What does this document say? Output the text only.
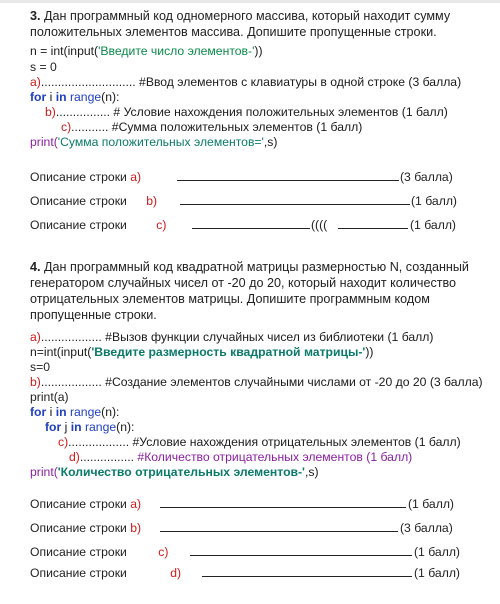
3. Дан программный код одномерного массива, который находит сумму
положительных элементов массива. Допишите пропущенные строки.
n = int(input('Введите число элементов-'))
s = 0
a)............................ #Ввод элементов с клавиатуры в одной строке (3 балла)
for i in range(n):
b)................ # Условие нахождения положительных элементов (1 балл)
c)........... #Сумма положительных элементов (1 балл)
print('Сумма положительных элементов=',s)
Описание строки а)	(3 балла)
Описание строки b)	(1 балл)
Описание строки c)	((((	(1 балл)
4. Дан программный код квадратной матрицы размерностью N, созданный
генератором случайных чисел от -20 до 20, который находит количество
отрицательных элементов матрицы. Допишите программным кодом
пропущенные строки.
a).................. #Вызов функции случайных чисел из библиотеки (1 балл)
n=int(input('Введите размерность квадратной матрицы-'))
s=0
b).................. #Создание элементов случайными числами от -20 до 20 (3 балла)
print(a)
for i in range(n):
for j in range(n):
c).................. #Условие нахождения отрицательных элементов (1 балл)
d)................ #Количество отрицательных элементов (1 балл)
print('Количество отрицательных элементов-',s)
Описание строки а)	(1 балл)
Описание строки b)	(3 балла)
Описание строки	c)	(1 балл)
Описание строки	d)	(1 балл)
